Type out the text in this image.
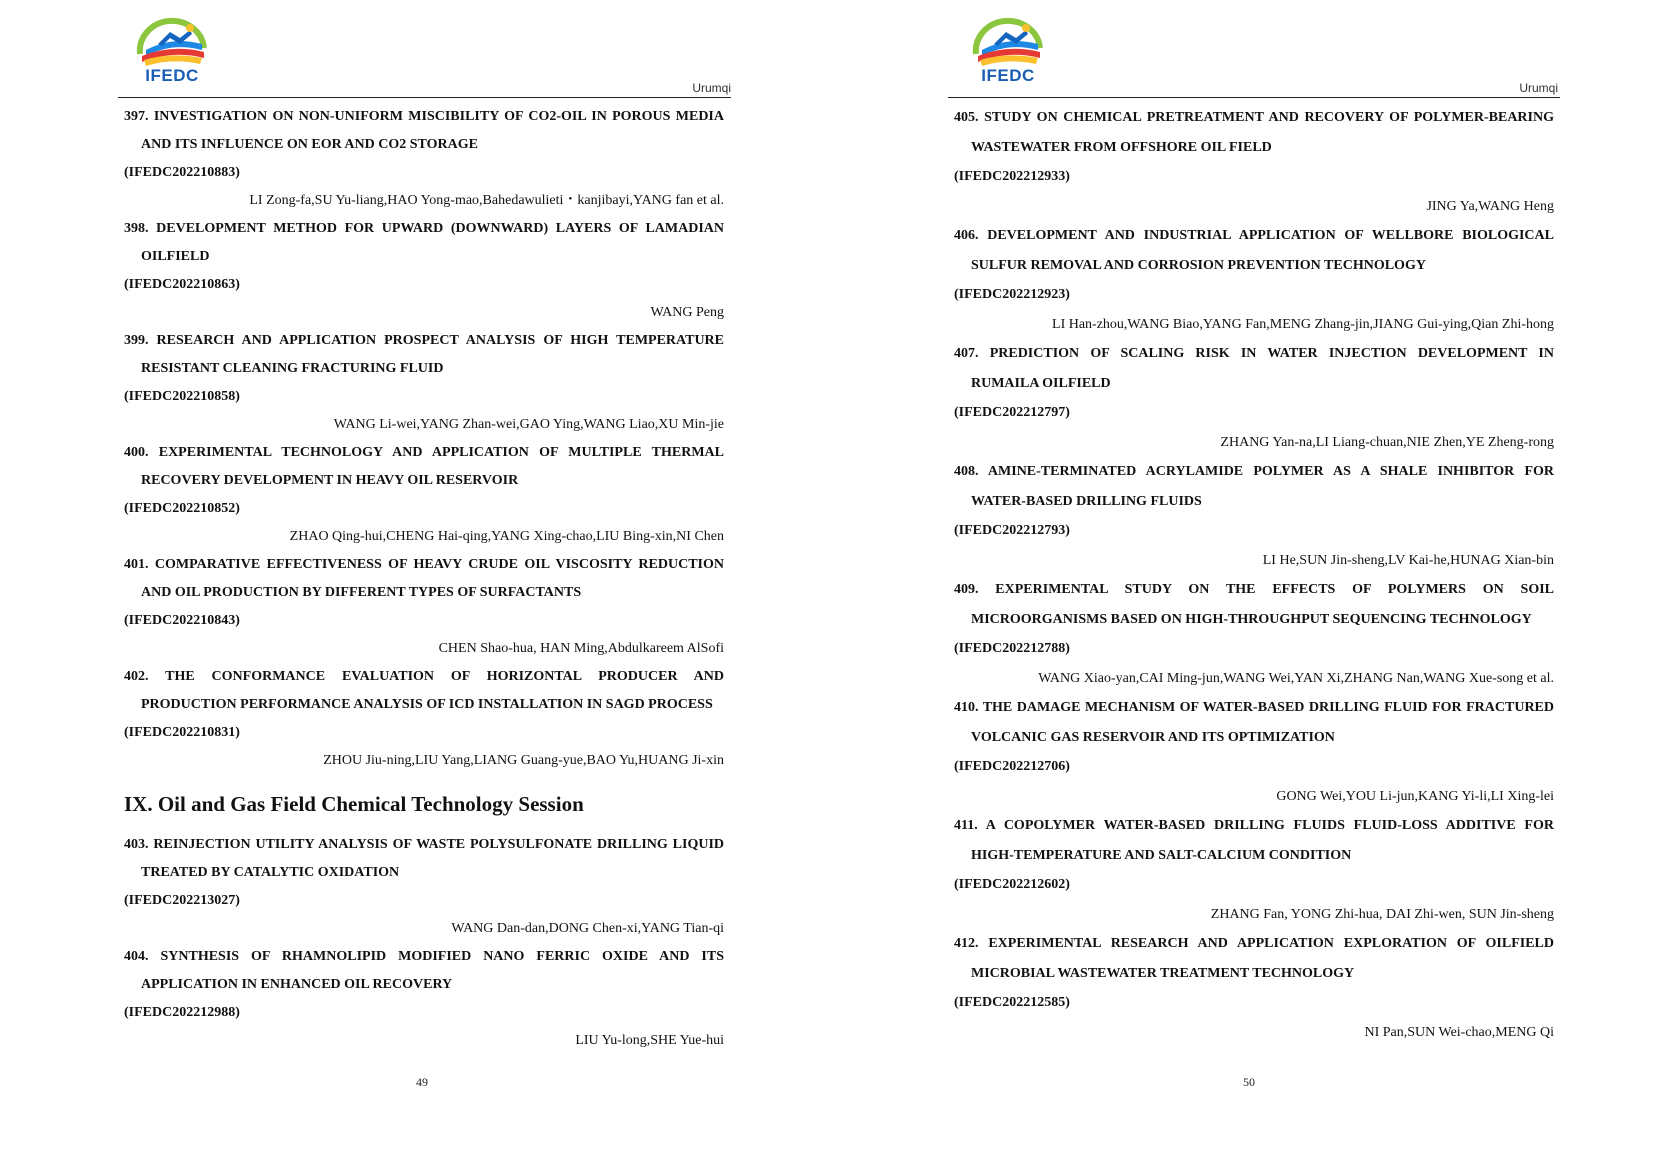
IFEDC
Urumqi

397. INVESTIGATION ON NON-UNIFORM MISCIBILITY OF CO2-OIL IN POROUS MEDIA AND ITS INFLUENCE ON EOR AND CO2 STORAGE

(IFEDC202210883)

LI Zong-fa,SU Yu-liang,HAO Yong-mao,Bahedawulieti・kanjibayi,YANG fan et al.

398. DEVELOPMENT METHOD FOR UPWARD (DOWNWARD) LAYERS OF LAMADIAN OILFIELD

(IFEDC202210863)

WANG Peng

399. RESEARCH AND APPLICATION PROSPECT ANALYSIS OF HIGH TEMPERATURE RESISTANT CLEANING FRACTURING FLUID

(IFEDC202210858)

WANG Li-wei,YANG Zhan-wei,GAO Ying,WANG Liao,XU Min-jie

400. EXPERIMENTAL TECHNOLOGY AND APPLICATION OF MULTIPLE THERMAL RECOVERY DEVELOPMENT IN HEAVY OIL RESERVOIR

(IFEDC202210852)

ZHAO Qing-hui,CHENG Hai-qing,YANG Xing-chao,LIU Bing-xin,NI Chen

401. COMPARATIVE EFFECTIVENESS OF HEAVY CRUDE OIL VISCOSITY REDUCTION AND OIL PRODUCTION BY DIFFERENT TYPES OF SURFACTANTS

(IFEDC202210843)

CHEN Shao-hua, HAN Ming,Abdulkareem AlSofi

402. THE CONFORMANCE EVALUATION OF HORIZONTAL PRODUCER AND PRODUCTION PERFORMANCE ANALYSIS OF ICD INSTALLATION IN SAGD PROCESS

(IFEDC202210831)

ZHOU Jiu-ning,LIU Yang,LIANG Guang-yue,BAO Yu,HUANG Ji-xin

IX. Oil and Gas Field Chemical Technology Session

403. REINJECTION UTILITY ANALYSIS OF WASTE POLYSULFONATE DRILLING LIQUID TREATED BY CATALYTIC OXIDATION

(IFEDC202213027)

WANG Dan-dan,DONG Chen-xi,YANG Tian-qi

404. SYNTHESIS OF RHAMNOLIPID MODIFIED NANO FERRIC OXIDE AND ITS APPLICATION IN ENHANCED OIL RECOVERY

(IFEDC202212988)

LIU Yu-long,SHE Yue-hui

49
IFEDC
Urumqi

405. STUDY ON CHEMICAL PRETREATMENT AND RECOVERY OF POLYMER-BEARING WASTEWATER FROM OFFSHORE OIL FIELD

(IFEDC202212933)

JING Ya,WANG Heng

406. DEVELOPMENT AND INDUSTRIAL APPLICATION OF WELLBORE BIOLOGICAL SULFUR REMOVAL AND CORROSION PREVENTION TECHNOLOGY

(IFEDC202212923)

LI Han-zhou,WANG Biao,YANG Fan,MENG Zhang-jin,JIANG Gui-ying,Qian Zhi-hong

407. PREDICTION OF SCALING RISK IN WATER INJECTION DEVELOPMENT IN RUMAILA OILFIELD

(IFEDC202212797)

ZHANG Yan-na,LI Liang-chuan,NIE Zhen,YE Zheng-rong

408. AMINE-TERMINATED ACRYLAMIDE POLYMER AS A SHALE INHIBITOR FOR WATER-BASED DRILLING FLUIDS

(IFEDC202212793)

LI He,SUN Jin-sheng,LV Kai-he,HUNAG Xian-bin

409. EXPERIMENTAL STUDY ON THE EFFECTS OF POLYMERS ON SOIL MICROORGANISMS BASED ON HIGH-THROUGHPUT SEQUENCING TECHNOLOGY

(IFEDC202212788)

WANG Xiao-yan,CAI Ming-jun,WANG Wei,YAN Xi,ZHANG Nan,WANG Xue-song et al.

410. THE DAMAGE MECHANISM OF WATER-BASED DRILLING FLUID FOR FRACTURED VOLCANIC GAS RESERVOIR AND ITS OPTIMIZATION

(IFEDC202212706)

GONG Wei,YOU Li-jun,KANG Yi-li,LI Xing-lei

411. A COPOLYMER WATER-BASED DRILLING FLUIDS FLUID-LOSS ADDITIVE FOR HIGH-TEMPERATURE AND SALT-CALCIUM CONDITION

(IFEDC202212602)

ZHANG Fan, YONG Zhi-hua, DAI Zhi-wen, SUN Jin-sheng

412. EXPERIMENTAL RESEARCH AND APPLICATION EXPLORATION OF OILFIELD MICROBIAL WASTEWATER TREATMENT TECHNOLOGY

(IFEDC202212585)

NI Pan,SUN Wei-chao,MENG Qi

50
